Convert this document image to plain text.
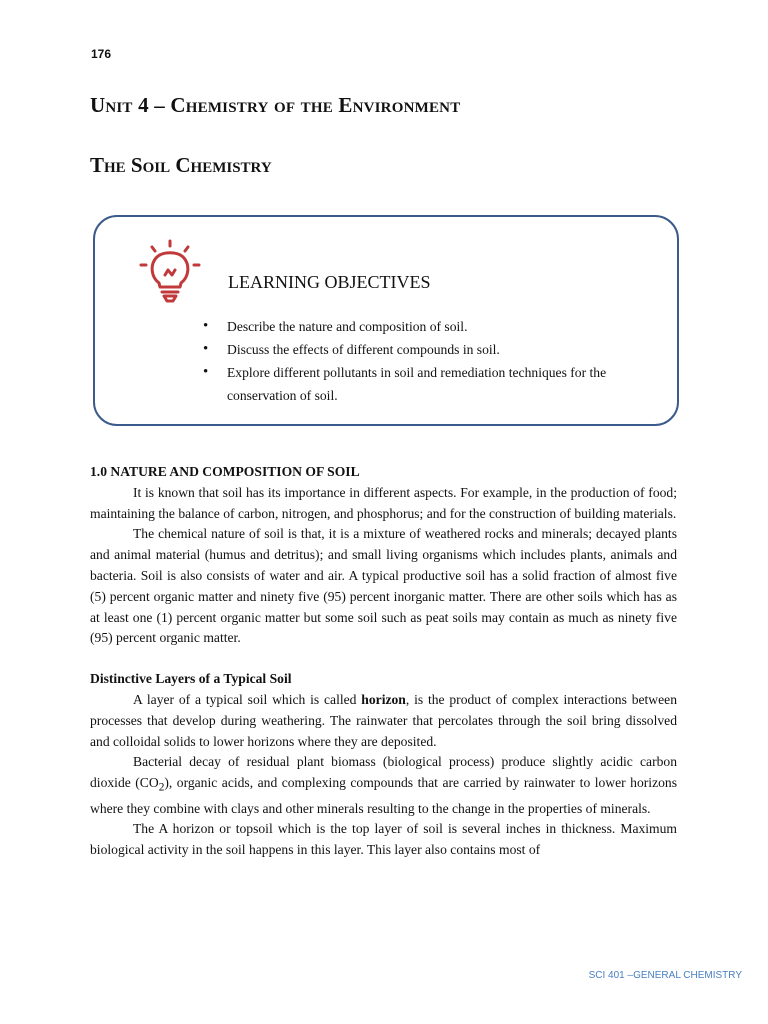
176
Unit 4 – Chemistry of the Environment
The Soil Chemistry
LEARNING OBJECTIVES
• Describe the nature and composition of soil.
• Discuss the effects of different compounds in soil.
• Explore different pollutants in soil and remediation techniques for the conservation of soil.
1.0 NATURE AND COMPOSITION OF SOIL

It is known that soil has its importance in different aspects. For example, in the production of food; maintaining the balance of carbon, nitrogen, and phosphorus; and for the construction of building materials.

The chemical nature of soil is that, it is a mixture of weathered rocks and minerals; decayed plants and animal material (humus and detritus); and small living organisms which includes plants, animals and bacteria. Soil is also consists of water and air. A typical productive soil has a solid fraction of almost five (5) percent organic matter and ninety five (95) percent inorganic matter. There are other soils which has as at least one (1) percent organic matter but some soil such as peat soils may contain as much as ninety five (95) percent organic matter.

Distinctive Layers of a Typical Soil

A layer of a typical soil which is called horizon, is the product of complex interactions between processes that develop during weathering. The rainwater that percolates through the soil bring dissolved and colloidal solids to lower horizons where they are deposited.

Bacterial decay of residual plant biomass (biological process) produce slightly acidic carbon dioxide $(CO_2)$, organic acids, and complexing compounds that are carried by rainwater to lower horizons where they combine with clays and other minerals resulting to the change in the properties of minerals.

The A horizon or topsoil which is the top layer of soil is several inches in thickness. Maximum biological activity in the soil happens in this layer. This layer also contains most of

SCI 401 –GENERAL CHEMISTRY
